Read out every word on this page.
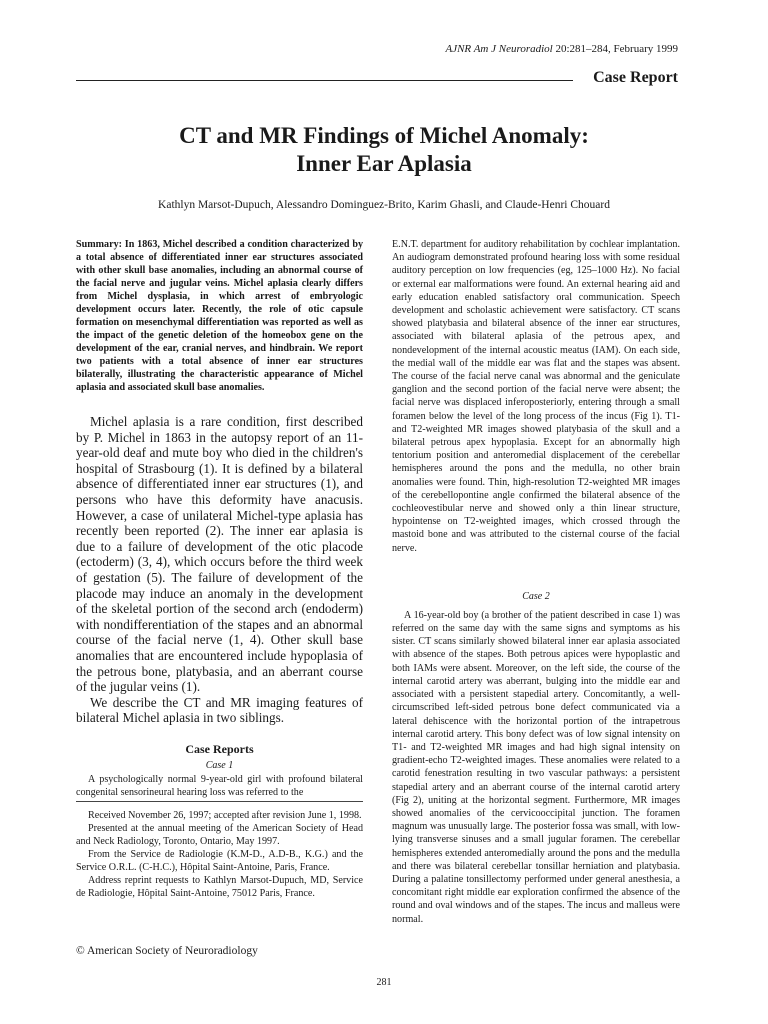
AJNR Am J Neuroradiol 20:281–284, February 1999
Case Report
CT and MR Findings of Michel Anomaly:
Inner Ear Aplasia
Kathlyn Marsot-Dupuch, Alessandro Dominguez-Brito, Karim Ghasli, and Claude-Henri Chouard

Summary: In 1863, Michel described a condition characterized by a total absence of differentiated inner ear structures associated with other skull base anomalies, including an abnormal course of the facial nerve and jugular veins. Michel aplasia clearly differs from Michel dysplasia, in which arrest of embryologic development occurs later. Recently, the role of otic capsule formation on mesenchymal differentiation was reported as well as the impact of the genetic deletion of the homeobox gene on the development of the ear, cranial nerves, and hindbrain. We report two patients with a total absence of inner ear structures bilaterally, illustrating the characteristic appearance of Michel aplasia and associated skull base anomalies.

Michel aplasia is a rare condition, first described by P. Michel in 1863 in the autopsy report of an 11-year-old deaf and mute boy who died in the children's hospital of Strasbourg (1). It is defined by a bilateral absence of differentiated inner ear structures (1), and persons who have this deformity have anacusis. However, a case of unilateral Michel-type aplasia has recently been reported (2). The inner ear aplasia is due to a failure of development of the otic placode (ectoderm) (3, 4), which occurs before the third week of gestation (5). The failure of development of the placode may induce an anomaly in the development of the skeletal portion of the second arch (endoderm) with nondifferentiation of the stapes and an abnormal course of the facial nerve (1, 4). Other skull base anomalies that are encountered include hypoplasia of the petrous bone, platybasia, and an aberrant course of the jugular veins (1).

We describe the CT and MR imaging features of bilateral Michel aplasia in two siblings.

Case Reports
Case 1

A psychologically normal 9-year-old girl with profound bilateral congenital sensorineural hearing loss was referred to the

Received November 26, 1997; accepted after revision June 1, 1998.

Presented at the annual meeting of the American Society of Head and Neck Radiology, Toronto, Ontario, May 1997.

From the Service de Radiologie (K.M-D., A.D-B., K.G.) and the Service O.R.L. (C-H.C.), Hôpital Saint-Antoine, Paris, France.

Address reprint requests to Kathlyn Marsot-Dupuch, MD, Service de Radiologie, Hôpital Saint-Antoine, 75012 Paris, France.

© American Society of Neuroradiology

E.N.T. department for auditory rehabilitation by cochlear implantation. An audiogram demonstrated profound hearing loss with some residual auditory perception on low frequencies (eg, 125–1000 Hz). No facial or external ear malformations were found. An external hearing aid and early education enabled satisfactory oral communication. Speech development and scholastic achievement were satisfactory. CT scans showed platybasia and bilateral absence of the inner ear structures, associated with bilateral aplasia of the petrous apex, and nondevelopment of the internal acoustic meatus (IAM). On each side, the medial wall of the middle ear was flat and the stapes was absent. The course of the facial nerve canal was abnormal and the geniculate ganglion and the second portion of the facial nerve were absent; the facial nerve was displaced inferoposteriorly, entering through a small foramen below the level of the long process of the incus (Fig 1). T1- and T2-weighted MR images showed platybasia of the skull and a bilateral petrous apex hypoplasia. Except for an abnormally high tentorium position and anteromedial displacement of the cerebellar hemispheres around the pons and the medulla, no other brain anomalies were found. Thin, high-resolution T2-weighted MR images of the cerebellopontine angle confirmed the bilateral absence of the cochleovestibular nerve and showed only a thin linear structure, hypointense on T2-weighted images, which crossed through the mastoid bone and was attributed to the cisternal course of the facial nerve.

Case 2

A 16-year-old boy (a brother of the patient described in case 1) was referred on the same day with the same signs and symptoms as his sister. CT scans similarly showed bilateral inner ear aplasia associated with absence of the stapes. Both petrous apices were hypoplastic and both IAMs were absent. Moreover, on the left side, the course of the internal carotid artery was aberrant, bulging into the middle ear and associated with a persistent stapedial artery. Concomitantly, a well-circumscribed left-sided petrous bone defect communicated via a lateral dehiscence with the horizontal portion of the intrapetrous internal carotid artery. This bony defect was of low signal intensity on T1- and T2-weighted MR images and had high signal intensity on gradient-echo T2-weighted images. These anomalies were related to a carotid fenestration resulting in two vascular pathways: a persistent stapedial artery and an aberrant course of the internal carotid artery (Fig 2), uniting at the horizontal segment. Furthermore, MR images showed anomalies of the cervicooccipital junction. The foramen magnum was unusually large. The posterior fossa was small, with low-lying transverse sinuses and a small jugular foramen. The cerebellar hemispheres extended anteromedially around the pons and the medulla and there was bilateral cerebellar tonsillar herniation and platybasia. During a palatine tonsillectomy performed under general anesthesia, a concomitant right middle ear exploration confirmed the absence of the round and oval windows and of the stapes. The incus and malleus were normal.

281
